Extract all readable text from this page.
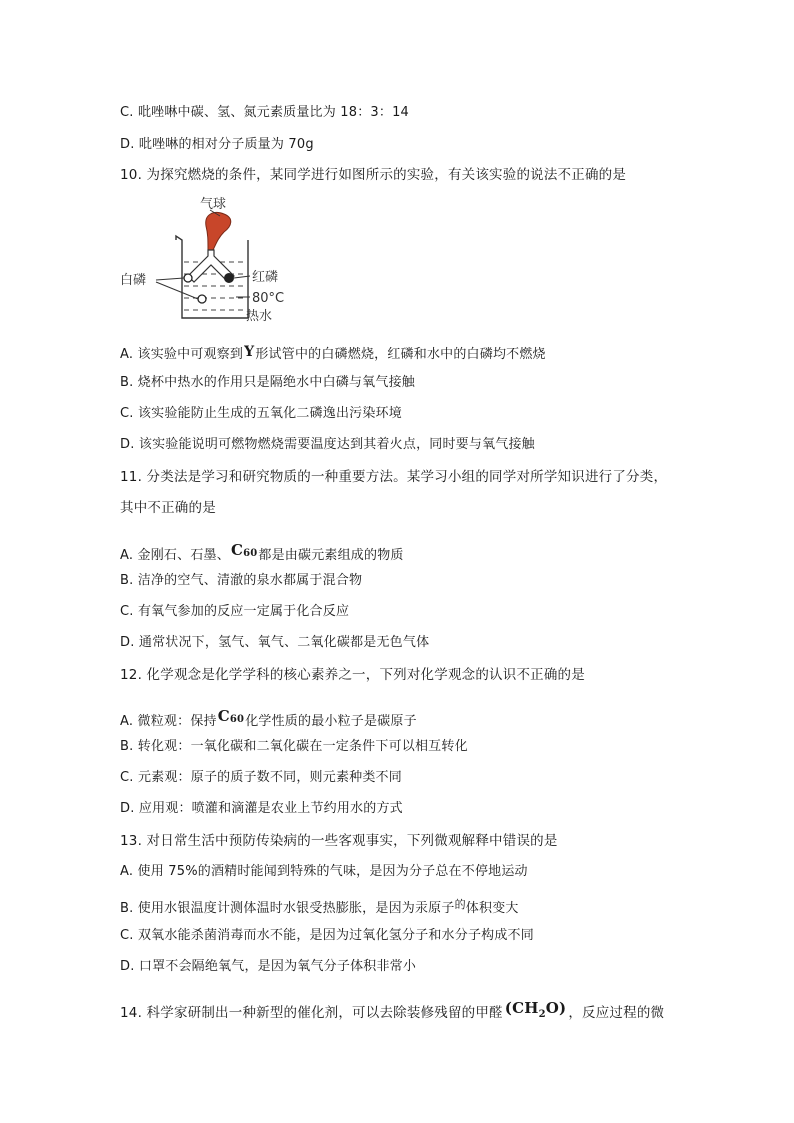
C. 吡唑啉中碳、氢、氮元素质量比为 18：3：14
D. 吡唑啉的相对分子质量为 70g
10. 为探究燃烧的条件，某同学进行如图所示的实验，有关该实验的说法不正确的是
气球
白磷	红磷
80°C
热水
A. 该实验中可观察到Y形试管中的白磷燃烧，红磷和水中的白磷均不燃烧
B. 烧杯中热水的作用只是隔绝水中白磷与氧气接触
C. 该实验能防止生成的五氧化二磷逸出污染环境
D. 该实验能说明可燃物燃烧需要温度达到其着火点，同时要与氧气接触
11. 分类法是学习和研究物质的一种重要方法。某学习小组的同学对所学知识进行了分类，
其中不正确的是
A. 金刚石、石墨、$C_{60}$都是由碳元素组成的物质
B. 洁净的空气、清澈的泉水都属于混合物
C. 有氧气参加的反应一定属于化合反应
D. 通常状况下，氢气、氧气、二氧化碳都是无色气体
12. 化学观念是化学学科的核心素养之一，下列对化学观念的认识不正确的是
A. 微粒观：保持$C_{60}$化学性质的最小粒子是碳原子
B. 转化观：一氧化碳和二氧化碳在一定条件下可以相互转化
C. 元素观：原子的质子数不同，则元素种类不同
D. 应用观：喷灌和滴灌是农业上节约用水的方式
13. 对日常生活中预防传染病的一些客观事实，下列微观解释中错误的是
A. 使用 75%的酒精时能闻到特殊的气味，是因为分子总在不停地运动
B. 使用水银温度计测体温时水银受热膨胀，是因为汞原子$^的$体积变大
C. 双氧水能杀菌消毒而水不能，是因为过氧化氢分子和水分子构成不同
D. 口罩不会隔绝氧气，是因为氧气分子体积非常小
14. 科学家研制出一种新型的催化剂，可以去除装修残留的甲醛 $(CH_2O)$ ，反应过程的微
